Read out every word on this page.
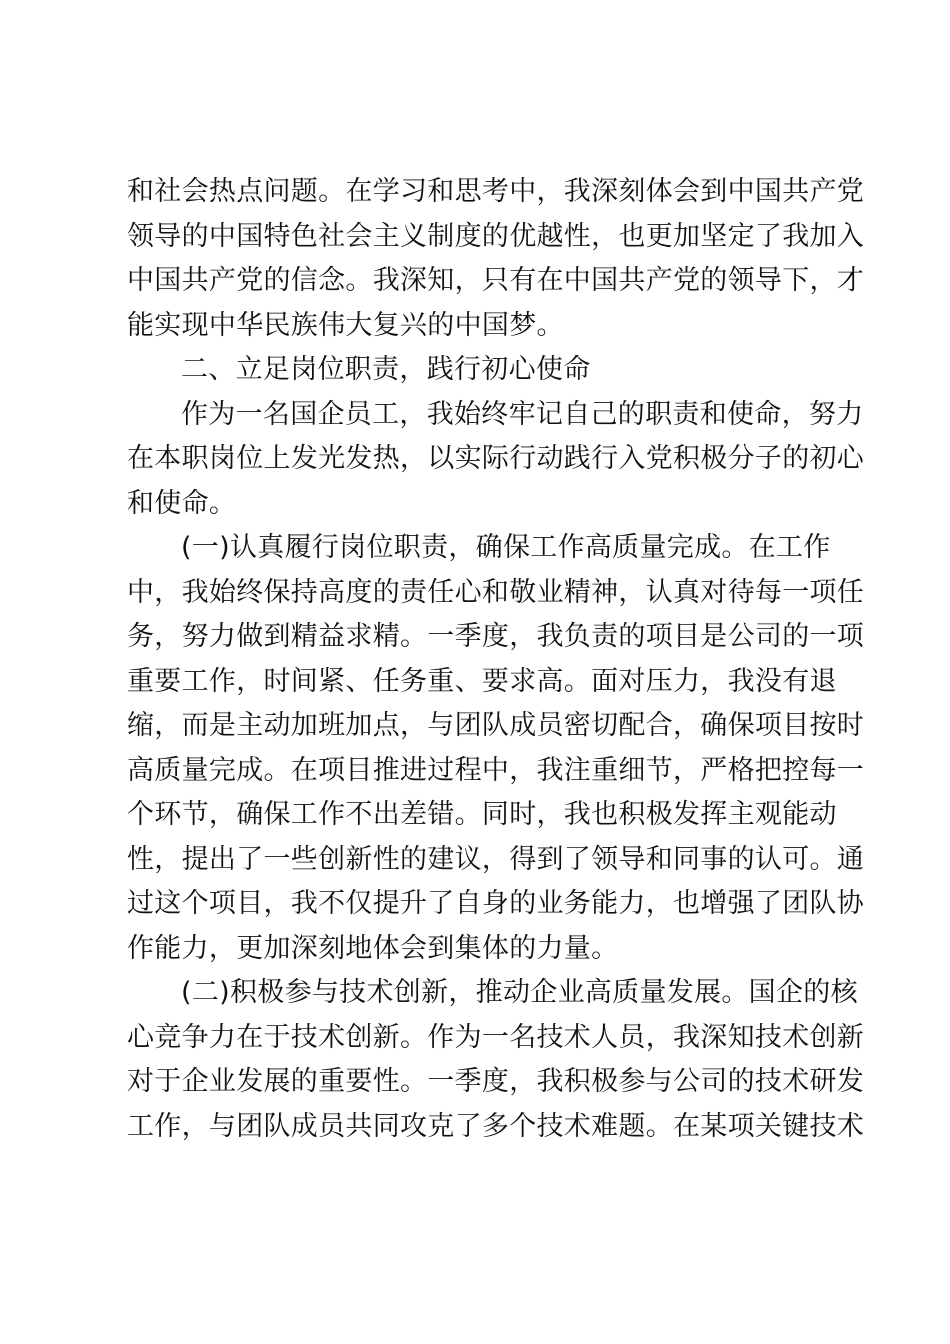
和社会热点问题。在学习和思考中，我深刻体会到中国共产党
领导的中国特色社会主义制度的优越性，也更加坚定了我加入
中国共产党的信念。我深知，只有在中国共产党的领导下，才
能实现中华民族伟大复兴的中国梦。
二、立足岗位职责，践行初心使命
作为一名国企员工，我始终牢记自己的职责和使命，努力
在本职岗位上发光发热，以实际行动践行入党积极分子的初心
和使命。
(一)认真履行岗位职责，确保工作高质量完成。在工作
中，我始终保持高度的责任心和敬业精神，认真对待每一项任
务，努力做到精益求精。一季度，我负责的项目是公司的一项
重要工作，时间紧、任务重、要求高。面对压力，我没有退
缩，而是主动加班加点，与团队成员密切配合，确保项目按时
高质量完成。在项目推进过程中，我注重细节，严格把控每一
个环节，确保工作不出差错。同时，我也积极发挥主观能动
性，提出了一些创新性的建议，得到了领导和同事的认可。通
过这个项目，我不仅提升了自身的业务能力，也增强了团队协
作能力，更加深刻地体会到集体的力量。
(二)积极参与技术创新，推动企业高质量发展。国企的核
心竞争力在于技术创新。作为一名技术人员，我深知技术创新
对于企业发展的重要性。一季度，我积极参与公司的技术研发
工作，与团队成员共同攻克了多个技术难题。在某项关键技术
